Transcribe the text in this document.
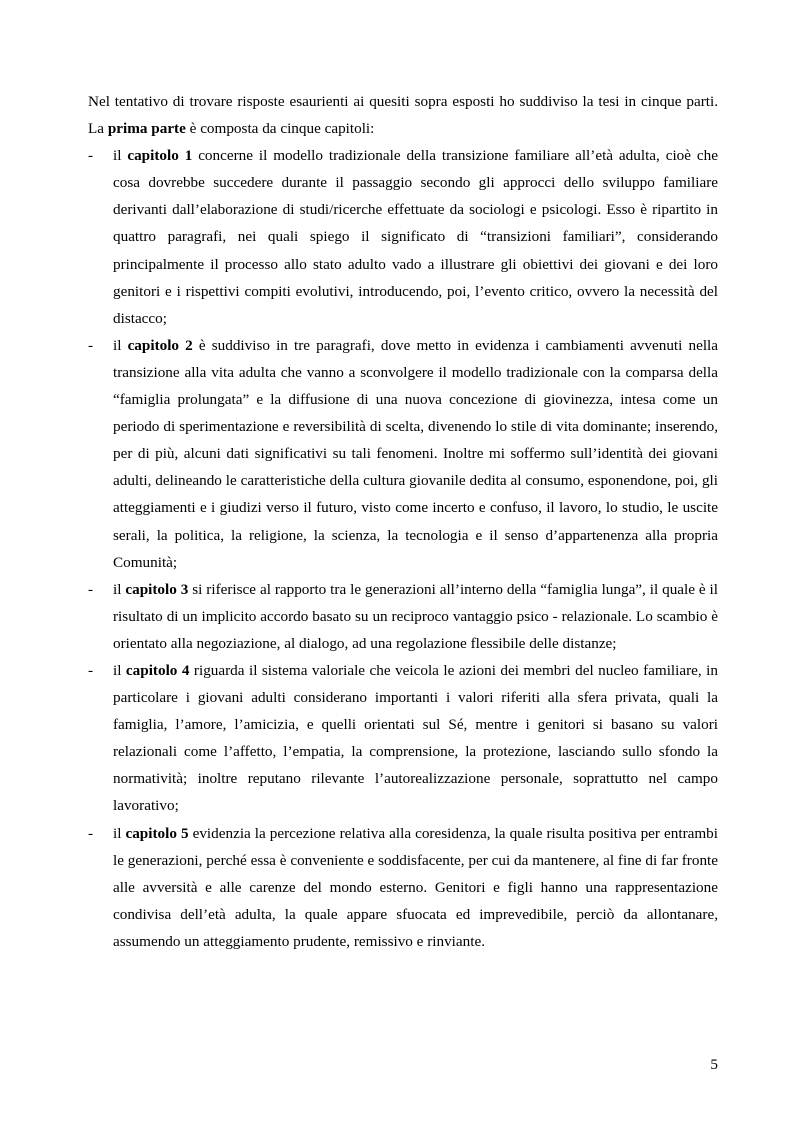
Nel tentativo di trovare risposte esaurienti ai quesiti sopra esposti ho suddiviso la tesi in cinque parti. La prima parte è composta da cinque capitoli:

- il capitolo 1 concerne il modello tradizionale della transizione familiare all’età adulta, cioè che cosa dovrebbe succedere durante il passaggio secondo gli approcci dello sviluppo familiare derivanti dall’elaborazione di studi/ricerche effettuate da sociologi e psicologi. Esso è ripartito in quattro paragrafi, nei quali spiego il significato di “transizioni familiari”, considerando principalmente il processo allo stato adulto vado a illustrare gli obiettivi dei giovani e dei loro genitori e i rispettivi compiti evolutivi, introducendo, poi, l’evento critico, ovvero la necessità del distacco;
- il capitolo 2 è suddiviso in tre paragrafi, dove metto in evidenza i cambiamenti avvenuti nella transizione alla vita adulta che vanno a sconvolgere il modello tradizionale con la comparsa della “famiglia prolungata” e la diffusione di una nuova concezione di giovinezza, intesa come un periodo di sperimentazione e reversibilità di scelta, divenendo lo stile di vita dominante; inserendo, per di più, alcuni dati significativi su tali fenomeni. Inoltre mi soffermo sull’identità dei giovani adulti, delineando le caratteristiche della cultura giovanile dedita al consumo, esponendone, poi, gli atteggiamenti e i giudizi verso il futuro, visto come incerto e confuso, il lavoro, lo studio, le uscite serali, la politica, la religione, la scienza, la tecnologia e il senso d’appartenenza alla propria Comunità;
- il capitolo 3 si riferisce al rapporto tra le generazioni all’interno della “famiglia lunga”, il quale è il risultato di un implicito accordo basato su un reciproco vantaggio psico - relazionale. Lo scambio è orientato alla negoziazione, al dialogo, ad una regolazione flessibile delle distanze;
- il capitolo 4 riguarda il sistema valoriale che veicola le azioni dei membri del nucleo familiare, in particolare i giovani adulti considerano importanti i valori riferiti alla sfera privata, quali la famiglia, l’amore, l’amicizia, e quelli orientati sul Sé, mentre i genitori si basano su valori relazionali come l’affetto, l’empatia, la comprensione, la protezione, lasciando sullo sfondo la normatività; inoltre reputano rilevante l’autorealizzazione personale, soprattutto nel campo lavorativo;
- il capitolo 5 evidenzia la percezione relativa alla coresidenza, la quale risulta positiva per entrambi le generazioni, perché essa è conveniente e soddisfacente, per cui da mantenere, al fine di far fronte alle avversità e alle carenze del mondo esterno. Genitori e figli hanno una rappresentazione condivisa dell’età adulta, la quale appare sfuocata ed imprevedibile, perciò da allontanare, assumendo un atteggiamento prudente, remissivo e rinviante.
5
